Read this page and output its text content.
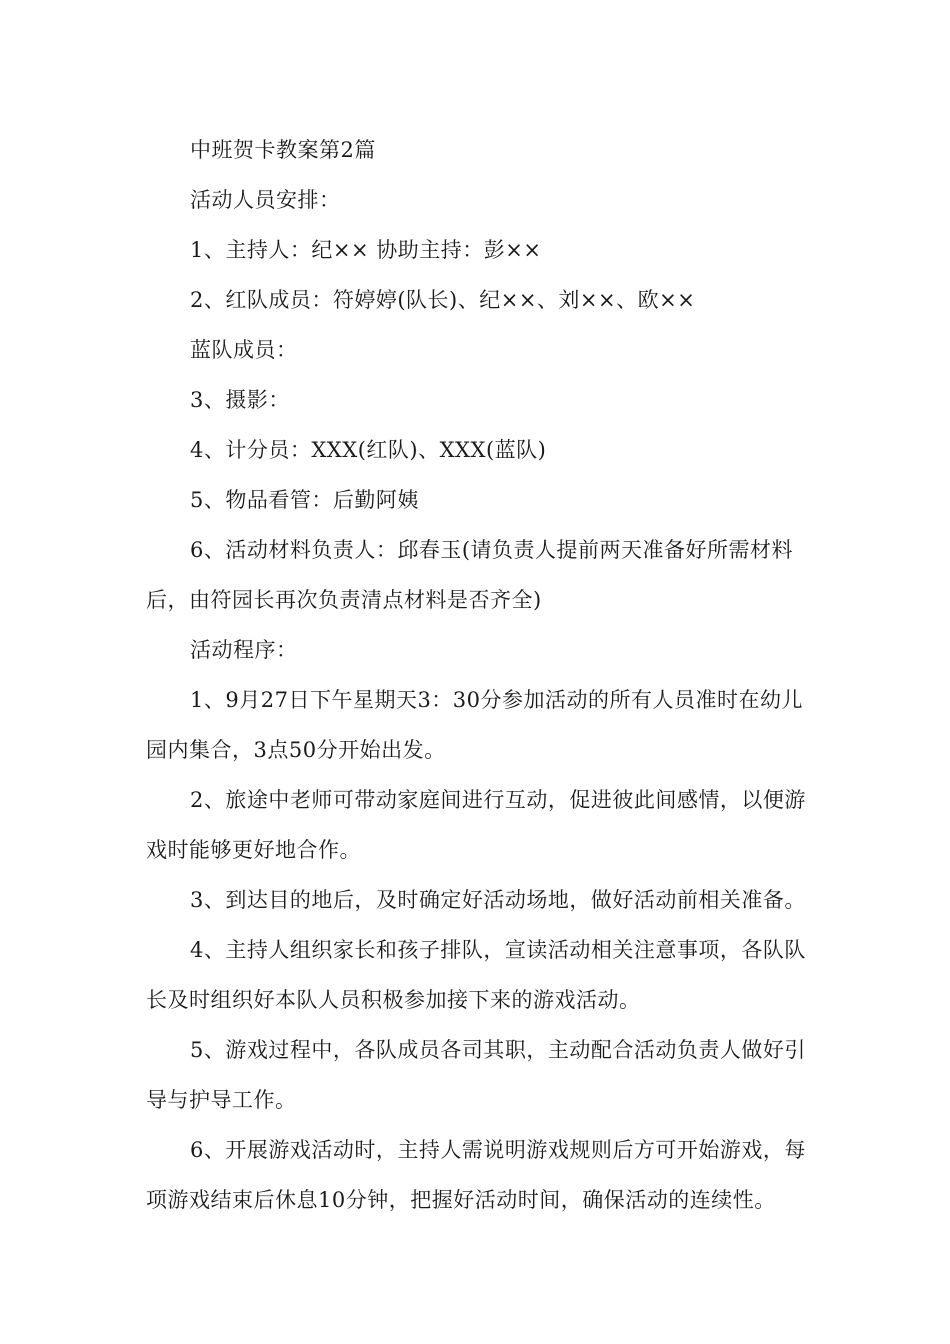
中班贺卡教案第2篇

活动人员安排：

1、主持人：纪×× 协助主持：彭××

2、红队成员：符婷婷(队长)、纪××、刘××、欧××

蓝队成员：

3、摄影：

4、计分员：XXX(红队)、XXX(蓝队)

5、物品看管：后勤阿姨

6、活动材料负责人：邱春玉(请负责人提前两天准备好所需材料后，由符园长再次负责清点材料是否齐全)

活动程序：

1、9月27日下午星期天3：30分参加活动的所有人员准时在幼儿园内集合，3点50分开始出发。

2、旅途中老师可带动家庭间进行互动，促进彼此间感情，以便游戏时能够更好地合作。

3、到达目的地后，及时确定好活动场地，做好活动前相关准备。

4、主持人组织家长和孩子排队，宣读活动相关注意事项，各队队长及时组织好本队人员积极参加接下来的游戏活动。

5、游戏过程中，各队成员各司其职，主动配合活动负责人做好引导与护导工作。

6、开展游戏活动时，主持人需说明游戏规则后方可开始游戏，每项游戏结束后休息10分钟，把握好活动时间，确保活动的连续性。
